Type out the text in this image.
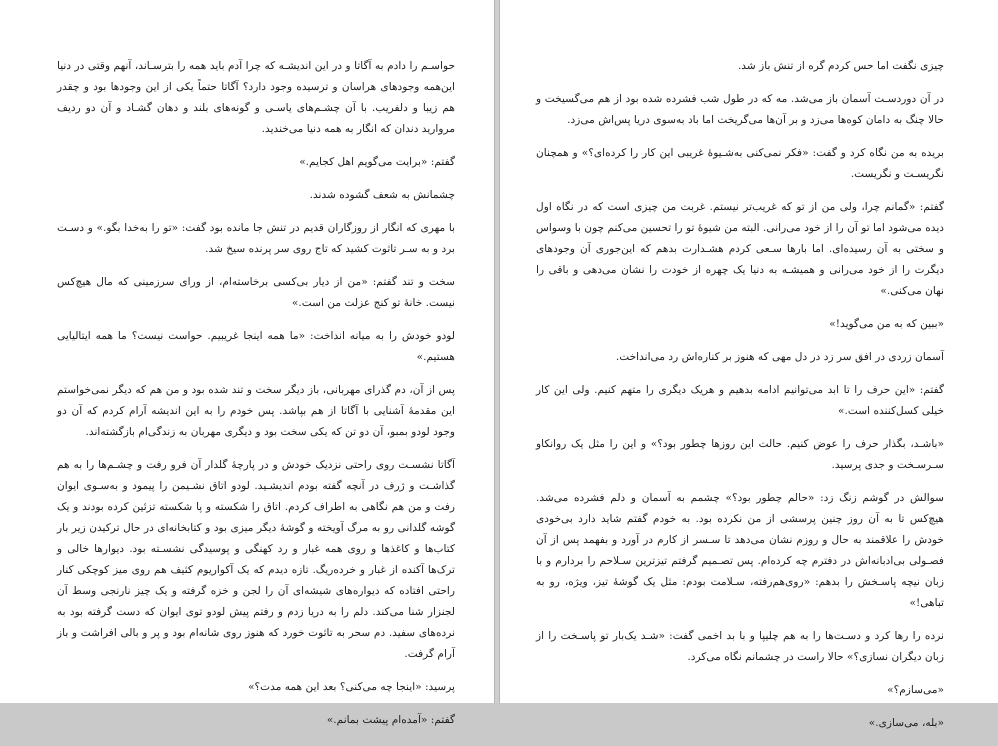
حواسـم را دادم به آگاتا و در این اندیشـه که چرا آدم باید همه را بترسـاند، آنهم وقتی در دنیا این‌همه وجودهای هراسان و ترسیده وجود دارد؟ آگاتا حتماً یکی از این وجودها بود و چقدر هم زیبا و دلفریب. با آن چشـم‌های یاسـی و گونه‌های بلند و دهان گشـاد و آن دو ردیف مروارید دندان که انگار به همه دنیا می‌خندید.

گفتم: «برایت می‌گویم اهل کجایم.»

چشمانش به شعف گشوده شدند.

با مهری که انگار از روزگاران قدیم در تنش جا مانده بود گفت: «تو را به‌خدا بگو.» و دسـت برد و به سـر تاثوت کشید که تاج روی سر پرنده سیخ شد.

سخت و تند گفتم: «من از دیار بی‌کسی برخاسته‌ام، از ورای سرزمینی که مال هیچ‌کس نیست. خانهٔ تو کنج عزلت من است.»

لودو خودش را به میانه انداخت: «ما همه اینجا غریبیم. حواست نیست؟ ما همه ایتالیایی هستیم.»

پس از آن، دم گذرای مهربانی، باز دیگر سخت و تند شده بود و من هم که دیگر نمی‌خواستم این مقدمهٔ آشنایی با آگاتا از هم بپاشد. پس خودم را به این اندیشه آرام کردم که آن دو وجود لودو بمبو، آن دو تن که یکی سخت بود و دیگری مهربان به زندگی‌ام بازگشته‌اند.

آگاتا نشسـت روی راحتی نزدیک خودش و در پارچهٔ گلدار آن فرو رفت و چشـم‌ها را به هم گذاشـت و ژرف در آنچه گفته بودم اندیشـید. لودو اتاق نشـیمن را پیمود و به‌سـوی ایوان رفت و من هم نگاهی به اطراف کردم. اتاق را شکسته و پا شکسته تزئین کرده بودند و یک گوشه گلدانی رو به مرگ آویخته و گوشهٔ دیگر میزی بود و کتابخانه‌ای در حال ترکیدن زیر بار کتاب‌ها و کاغذها و روی همه غبار و رد کهنگی و پوسیدگی نشسـته بود. دیوارها خالی و ترک‌ها آکنده از غبار و خرده‌ریگ. تازه دیدم که یک آکواریوم کثیف هم روی میز کوچکی کنار راحتی افتاده که دیواره‌های شیشه‌ای آن را لجن و خزه گرفته و یک چیز نارنجی وسط آن لجنزار شنا می‌کند. دلم را به دریا زدم و رفتم پیش لودو توی ایوان که دست گرفته بود به نرده‌های سفید. دم سحر به تاثوت خورد که هنوز روی شانه‌ام بود و پر و بالی افراشت و باز آرام گرفت.

پرسید: «اینجا چه می‌کنی؟ بعد این همه مدت؟»

گفتم: «آمده‌ام پیشت بمانم.»

چیزی نگفت اما حس کردم گره از تنش باز شد.

در آن دوردسـت آسمان باز می‌شد. مه که در طول شب فشرده شده بود از هم می‌گسیخت و حالا چنگ به دامان کوه‌ها می‌زد و بر آن‌ها می‌گریخت اما باد به‌سوی دریا پس‌اش می‌زد.

بریده به من نگاه کرد و گفت: «فکر نمی‌کنی به‌شـیوهٔ غریبی این کار را کرده‌ای؟» و همچنان نگریسـت و نگریست.

گفتم: «گمانم چرا، ولی من از تو که غریب‌تر نیستم. غربت من چیزی است که در نگاه اول دیده می‌شود اما تو آن را از خود می‌رانی. البته من شیوهٔ تو را تحسین می‌کنم چون با وسواس و سختی به آن رسیده‌ای. اما بارها سـعی کردم هشـدارت بدهم که این‌جوری آن وجودهای دیگرت را از خود می‌رانی و همیشـه به دنیا یک چهره از خودت را نشان می‌دهی و باقی را نهان می‌کنی.»

«ببین که به من می‌گوید!»

آسمان زردی در افق سر زد در دل مهی که هنوز بر کناره‌اش رد می‌انداخت.

گفتم: «این حرف را تا ابد می‌توانیم ادامه بدهیم و هریک دیگری را متهم کنیم. ولی این کار خیلی کسل‌کننده است.»

«باشـد، بگذار حرف را عوض کنیم. حالت این روزها چطور بود؟» و این را مثل یک روانکاو سـرسـخت و جدی پرسید.

سوالش در گوشم زنگ زد: «حالم چطور بود؟» چشمم به آسمان و دلم فشرده می‌شد. هیچ‌کس تا به آن روز چنین پرسشی از من نکرده بود. به خودم گفتم شاید دارد بی‌خودی خودش را علاقمند به حال و روزم نشان می‌دهد تا سـسر از کارم در آورد و بفهمد پس از آن فصـولی بی‌ادبانه‌اش در دفترم چه کرده‌ام. پس تصـمیم گرفتم تیزترین سـلاحم را بردارم و با زبان نیچه پاسـخش را بدهم: «روی‌هم‌رفته، سـلامت بودم: مثل یک گوشهٔ تیز، ویژه، رو به تباهی!»

نرده را رها کرد و دسـت‌ها را به هم چلیپا و با بد اخمی گفت: «شـد یک‌بار تو پاسـخت را از زبان دیگران نسازی؟» حالا راست در چشمانم نگاه می‌کرد.

«می‌سازم؟»

«بله، می‌سازی.»
